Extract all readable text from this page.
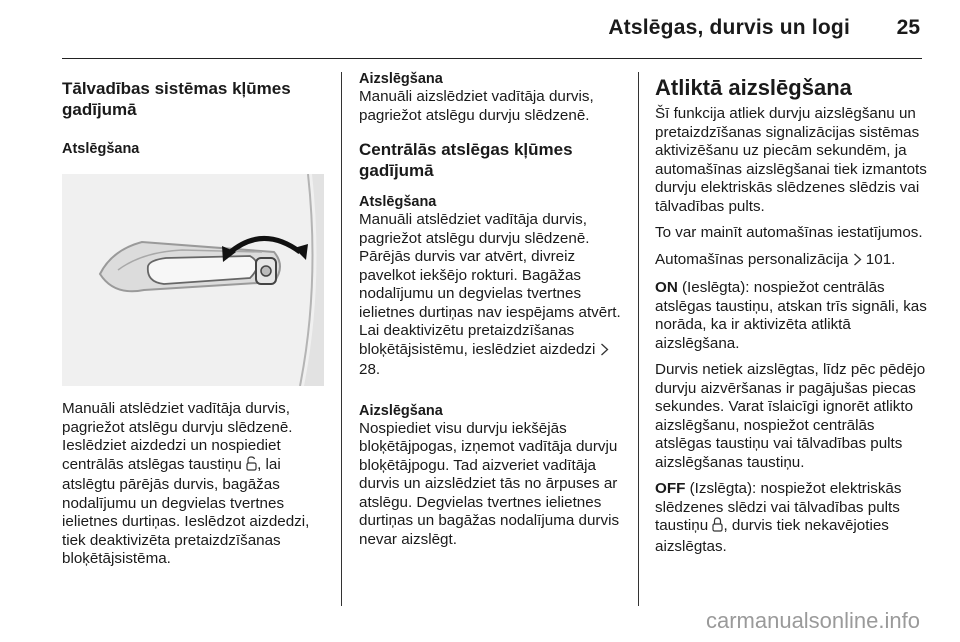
Atslēgas, durvis un logi 25
Tālvadības sistēmas kļūmes gadījumā
Atslēgšana

Manuāli atslēdziet vadītāja durvis, pagriežot atslēgu durvju slēdzenē. Ieslēdziet aizdedzi un nospiediet centrālās atslēgas taustiņu , lai atslēgtu pārējās durvis, bagāžas nodalījumu un degvielas tvertnes ielietnes durtiņas. Ieslēdzot aizdedzi, tiek deaktivizēta pretaizdzīšanas bloķētājsistēma.

Aizslēgšana

Manuāli aizslēdziet vadītāja durvis, pagriežot atslēgu durvju slēdzenē.

Centrālās atslēgas kļūmes gadījumā
Atslēgšana

Manuāli atslēdziet vadītāja durvis, pagriežot atslēgu durvju slēdzenē. Pārējās durvis var atvērt, divreiz pavelkot iekšējo rokturi. Bagāžas nodalījumu un degvielas tvertnes ielietnes durtiņas nav iespējams atvērt. Lai deaktivizētu pretaizdzīšanas bloķētājsistēmu, ieslēdziet aizdedzi  28.

Aizslēgšana

Nospiediet visu durvju iekšējās bloķētājpogas, izņemot vadītāja durvju bloķētājpogu. Tad aizveriet vadītāja durvis un aizslēdziet tās no ārpuses ar atslēgu. Degvielas tvertnes ielietnes durtiņas un bagāžas nodalījuma durvis nevar aizslēgt.

Atliktā aizslēgšana

Šī funkcija atliek durvju aizslēgšanu un pretaizdzīšanas signalizācijas sistēmas aktivizēšanu uz piecām sekundēm, ja automašīnas aizslēgšanai tiek izmantots durvju elektriskās slēdzenes slēdzis vai tālvadības pults.

To var mainīt automašīnas iestatījumos.

Automašīnas personalizācija 101.

ON (Ieslēgta): nospiežot centrālās atslēgas taustiņu, atskan trīs signāli, kas norāda, ka ir aktivizēta atliktā aizslēgšana.

Durvis netiek aizslēgtas, līdz pēc pēdējo durvju aizvēršanas ir pagājušas piecas sekundes. Varat īslaicīgi ignorēt atlikto aizslēgšanu, nospiežot centrālās atslēgas taustiņu vai tālvadības pults aizslēgšanas taustiņu.

OFF (Izslēgta): nospiežot elektriskās slēdzenes slēdzi vai tālvadības pults taustiņu , durvis tiek nekavējoties aizslēgtas.

carmanualsonline.info
